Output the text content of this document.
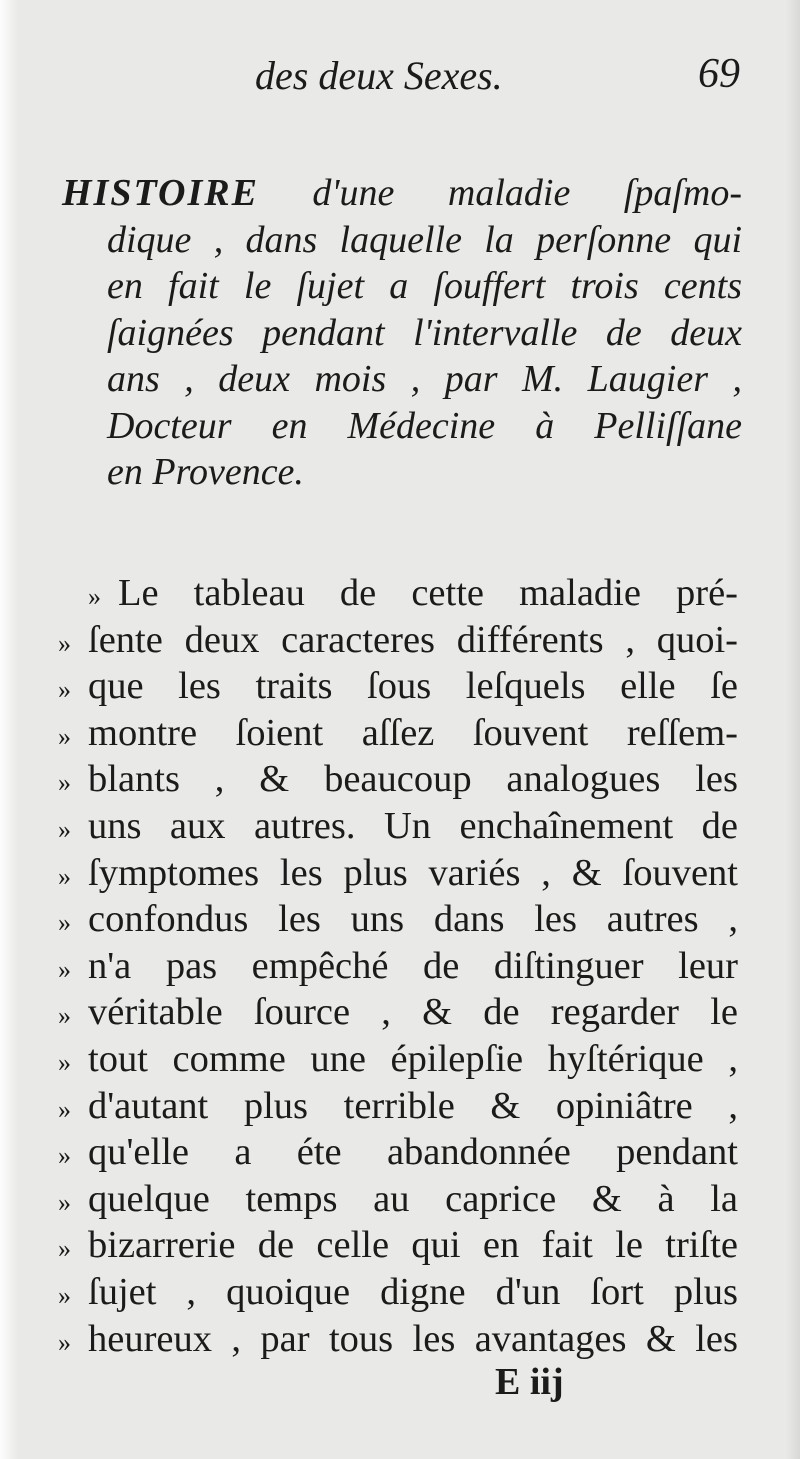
des deux Sexes.	69
HISTOIRE d'une maladie ſpaſmo-
dique , dans laquelle la perſonne qui
en fait le ſujet a ſouffert trois cents
ſaignées pendant l'intervalle de deux
ans , deux mois , par M. Laugier ,
Docteur en Médecine à Pelliſſane
en Provence.
» Le tableau de cette maladie pré-
» ſente deux caracteres différents , quoi-
» que les traits ſous leſquels elle ſe
» montre ſoient aſſez ſouvent reſſem-
» blants , & beaucoup analogues les
» uns aux autres. Un enchaînement de
» ſymptomes les plus variés , & ſouvent
» confondus les uns dans les autres ,
» n'a pas empêché de diſtinguer leur
» véritable ſource , & de regarder le
» tout comme une épilepſie hyſtérique ,
» d'autant plus terrible & opiniâtre ,
» qu'elle a éte abandonnée pendant
» quelque temps au caprice & à la
» bizarrerie de celle qui en fait le triſte
» ſujet , quoique digne d'un ſort plus
» heureux , par tous les avantages & les
E iij
